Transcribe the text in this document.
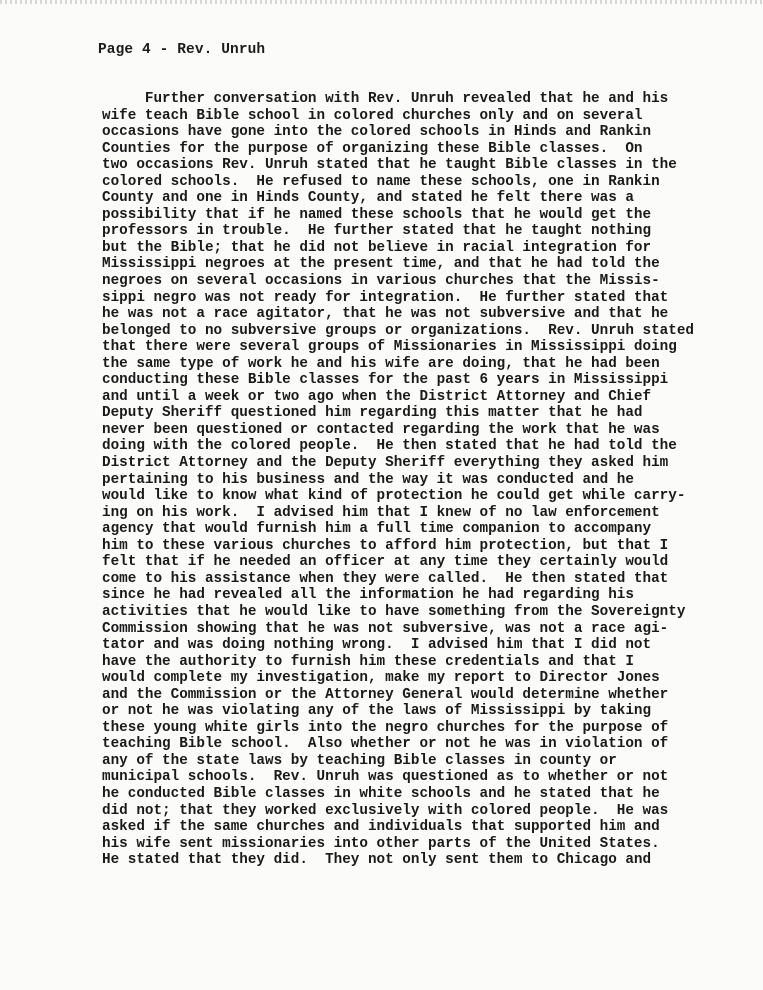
Page 4 - Rev. Unruh
Further conversation with Rev. Unruh revealed that he and his
wife teach Bible school in colored churches only and on several
occasions have gone into the colored schools in Hinds and Rankin
Counties for the purpose of organizing these Bible classes.  On
two occasions Rev. Unruh stated that he taught Bible classes in the
colored schools.  He refused to name these schools, one in Rankin
County and one in Hinds County, and stated he felt there was a
possibility that if he named these schools that he would get the
professors in trouble.  He further stated that he taught nothing
but the Bible; that he did not believe in racial integration for
Mississippi negroes at the present time, and that he had told the
negroes on several occasions in various churches that the Missis-
sippi negro was not ready for integration.  He further stated that
he was not a race agitator, that he was not subversive and that he
belonged to no subversive groups or organizations.  Rev. Unruh stated
that there were several groups of Missionaries in Mississippi doing
the same type of work he and his wife are doing, that he had been
conducting these Bible classes for the past 6 years in Mississippi
and until a week or two ago when the District Attorney and Chief
Deputy Sheriff questioned him regarding this matter that he had
never been questioned or contacted regarding the work that he was
doing with the colored people.  He then stated that he had told the
District Attorney and the Deputy Sheriff everything they asked him
pertaining to his business and the way it was conducted and he
would like to know what kind of protection he could get while carry-
ing on his work.  I advised him that I knew of no law enforcement
agency that would furnish him a full time companion to accompany
him to these various churches to afford him protection, but that I
felt that if he needed an officer at any time they certainly would
come to his assistance when they were called.  He then stated that
since he had revealed all the information he had regarding his
activities that he would like to have something from the Sovereignty
Commission showing that he was not subversive, was not a race agi-
tator and was doing nothing wrong.  I advised him that I did not
have the authority to furnish him these credentials and that I
would complete my investigation, make my report to Director Jones
and the Commission or the Attorney General would determine whether
or not he was violating any of the laws of Mississippi by taking
these young white girls into the negro churches for the purpose of
teaching Bible school.  Also whether or not he was in violation of
any of the state laws by teaching Bible classes in county or
municipal schools.  Rev. Unruh was questioned as to whether or not
he conducted Bible classes in white schools and he stated that he
did not; that they worked exclusively with colored people.  He was
asked if the same churches and individuals that supported him and
his wife sent missionaries into other parts of the United States.
He stated that they did.  They not only sent them to Chicago and
